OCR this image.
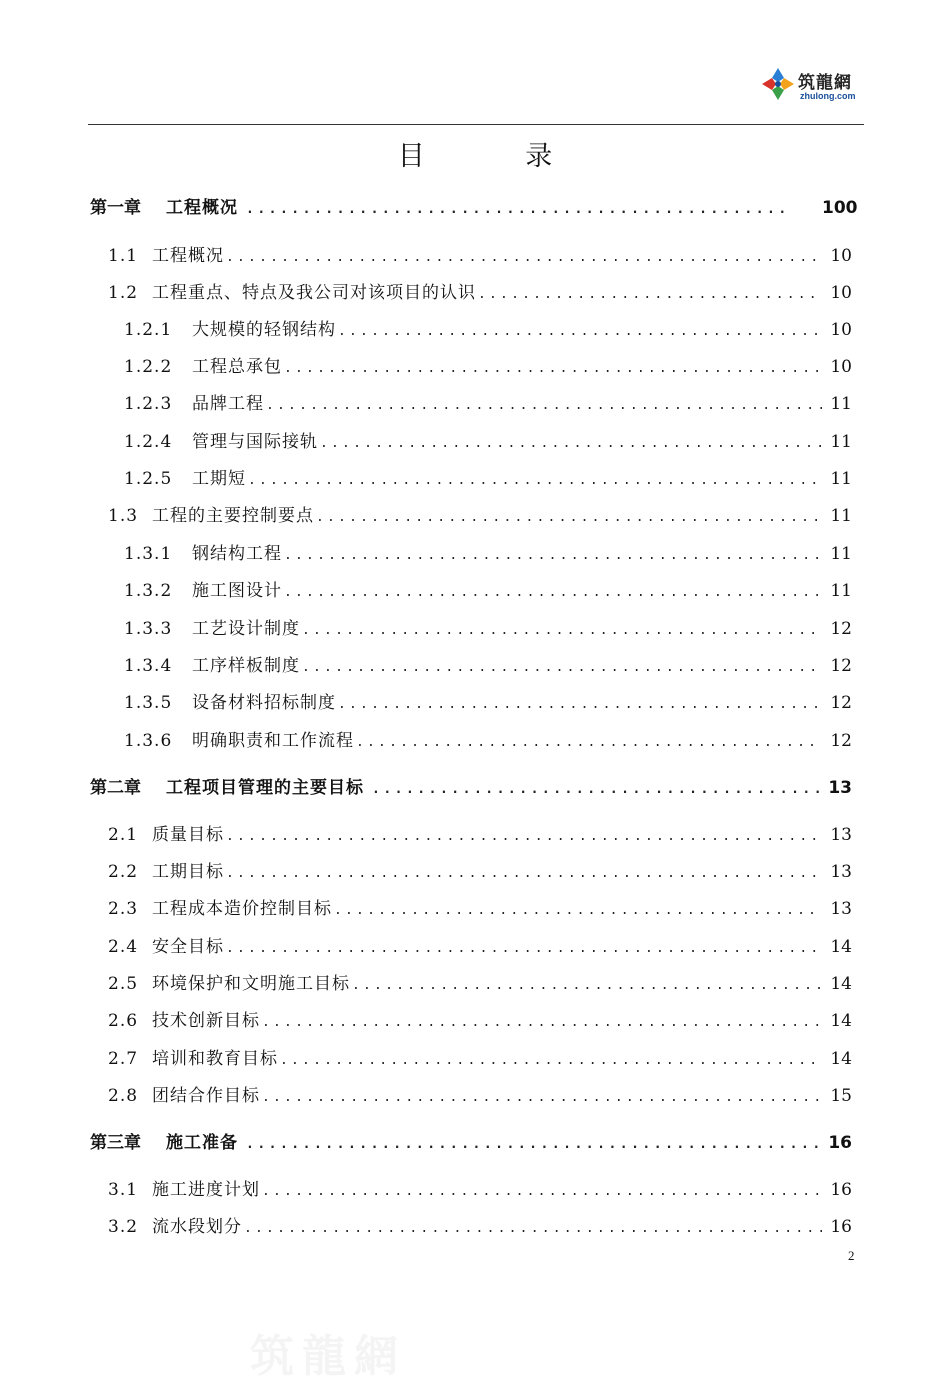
筑龍網
zhulong.com
目 录
第一章	工程概况 .....	100
1.1 工程概况 .....	10
1.2 工程重点、特点及我公司对该项目的认识 .....	10
1.2.1	大规模的轻钢结构 .....	10
1.2.2	工程总承包 .....	10
1.2.3	品牌工程 .....	11
1.2.4	管理与国际接轨 .....	11
1.2.5	工期短 .....	11
1.3 工程的主要控制要点 .....	11
1.3.1	钢结构工程 .....	11
1.3.2	施工图设计 .....	11
1.3.3	工艺设计制度 .....	12
1.3.4	工序样板制度 .....	12
1.3.5	设备材料招标制度 .....	12
1.3.6	明确职责和工作流程 .....	12
第二章	工程项目管理的主要目标 .....	13
2.1 质量目标 .....	13
2.2 工期目标 .....	13
2.3 工程成本造价控制目标 .....	13
2.4 安全目标 .....	14
2.5 环境保护和文明施工目标 .....	14
2.6 技术创新目标 .....	14
2.7 培训和教育目标 .....	14
2.8 团结合作目标 .....	15
第三章	施工准备 .....	16
3.1 施工进度计划 .....	16
3.2 流水段划分 .....	16
2
筑龍網
